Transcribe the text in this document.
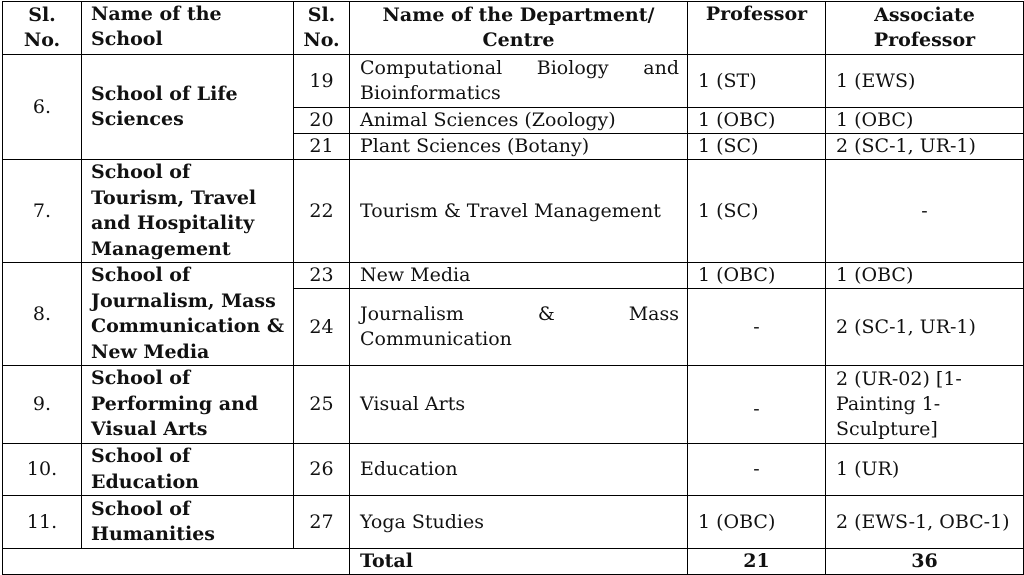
Sl. No.	Name of the School	Sl. No.	Name of the Department/ Centre	Professor	Associate Professor
6.	School of Life Sciences	19	Computational Biology and Bioinformatics	1 (ST)	1 (EWS)
		20	Animal Sciences (Zoology)	1 (OBC)	1 (OBC)
		21	Plant Sciences (Botany)	1 (SC)	2 (SC-1, UR-1)
7.	School of Tourism, Travel and Hospitality Management	22	Tourism & Travel Management	1 (SC)	-
8.	School of Journalism, Mass Communication & New Media	23	New Media	1 (OBC)	1 (OBC)
		24	Journalism & Mass Communication	-	2 (SC-1, UR-1)
9.	School of Performing and Visual Arts	25	Visual Arts	-	2 (UR-02) [1-Painting 1-Sculpture]
10.	School of Education	26	Education	-	1 (UR)
11.	School of Humanities	27	Yoga Studies	1 (OBC)	2 (EWS-1, OBC-1)
			Total	21	36
